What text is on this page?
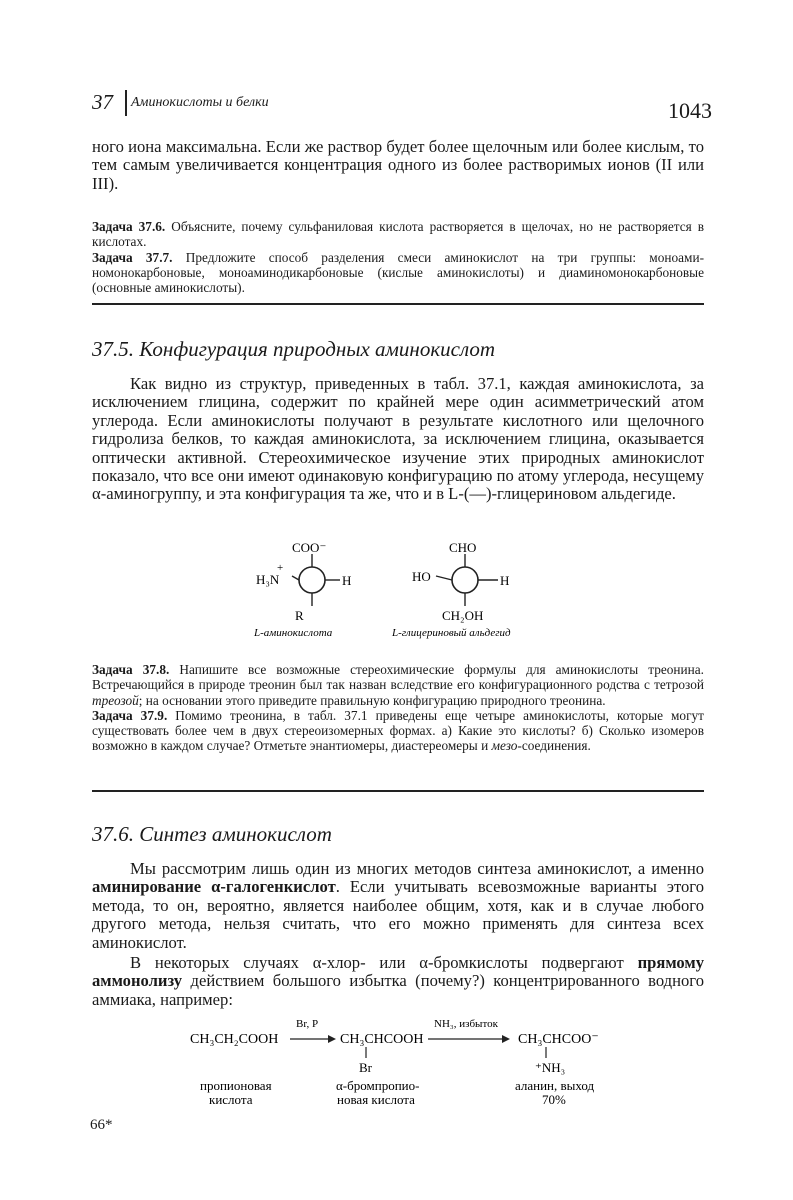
37 Аминокислоты и белки	1043

ного иона максимальна. Если же раствор будет более щелочным или более кислым, то тем самым увеличивается концентрация одного из более растворимых ионов (II или III).

Задача 37.6. Объясните, почему сульфаниловая кислота растворяется в щелочах, но не растворяется в кислотах.

Задача 37.7. Предложите способ разделения смеси аминокислот на три группы: моноаминомонокарбоновые, моноаминодикарбоновые (кислые аминокислоты) и диаминомонокарбоновые (основные аминокислоты).

37.5. Конфигурация природных аминокислот

Как видно из структур, приведенных в табл. 37.1, каждая аминокислота, за исключением глицина, содержит по крайней мере один асимметрический атом углерода. Если аминокислоты получают в результате кислотного или щелочного гидролиза белков, то каждая аминокислота, за исключением глицина, оказывается оптически активной. Стереохимическое изучение этих природных аминокислот показало, что все они имеют одинаковую конфигурацию по атому углерода, несущему α-аминогруппу, и эта конфигурация та же, что и в L-(—)-глицериновом альдегиде.

COO⁻
+
H₃N	H
R
L-аминокислота
CHO
HO	H
CH₂OH
L-глицериновый альдегид

Задача 37.8. Напишите все возможные стереохимические формулы для аминокислоты треонина. Встречающийся в природе треонин был так назван вследствие его конфигурационного родства с тетрозой треозой; на основании этого приведите правильную конфигурацию природного треонина.

Задача 37.9. Помимо треонина, в табл. 37.1 приведены еще четыре аминокислоты, которые могут существовать более чем в двух стереоизомерных формах. а) Какие это кислоты? б) Сколько изомеров возможно в каждом случае? Отметьте энантиомеры, диастереомеры и мезо-соединения.

37.6. Синтез аминокислот

Мы рассмотрим лишь один из многих методов синтеза аминокислот, а именно аминирование α-галогенкислот. Если учитывать всевозможные варианты этого метода, то он, вероятно, является наиболее общим, хотя, как и в случае любого другого метода, нельзя считать, что его можно применять для синтеза всех аминокислот.

В некоторых случаях α-хлор- или α-бромкислоты подвергают прямому аммонолизу действием большого избытка (почему?) концентрированного водного аммиака, например:

CH₃CH₂COOH
Br, P
CH₃CHCOOH
Br
NH₃, избыток
CH₃CHCOO⁻
⁺NH₃
пропионовая
кислота
α-бромпропио-
новая кислота
аланин, выход
70%
66*
